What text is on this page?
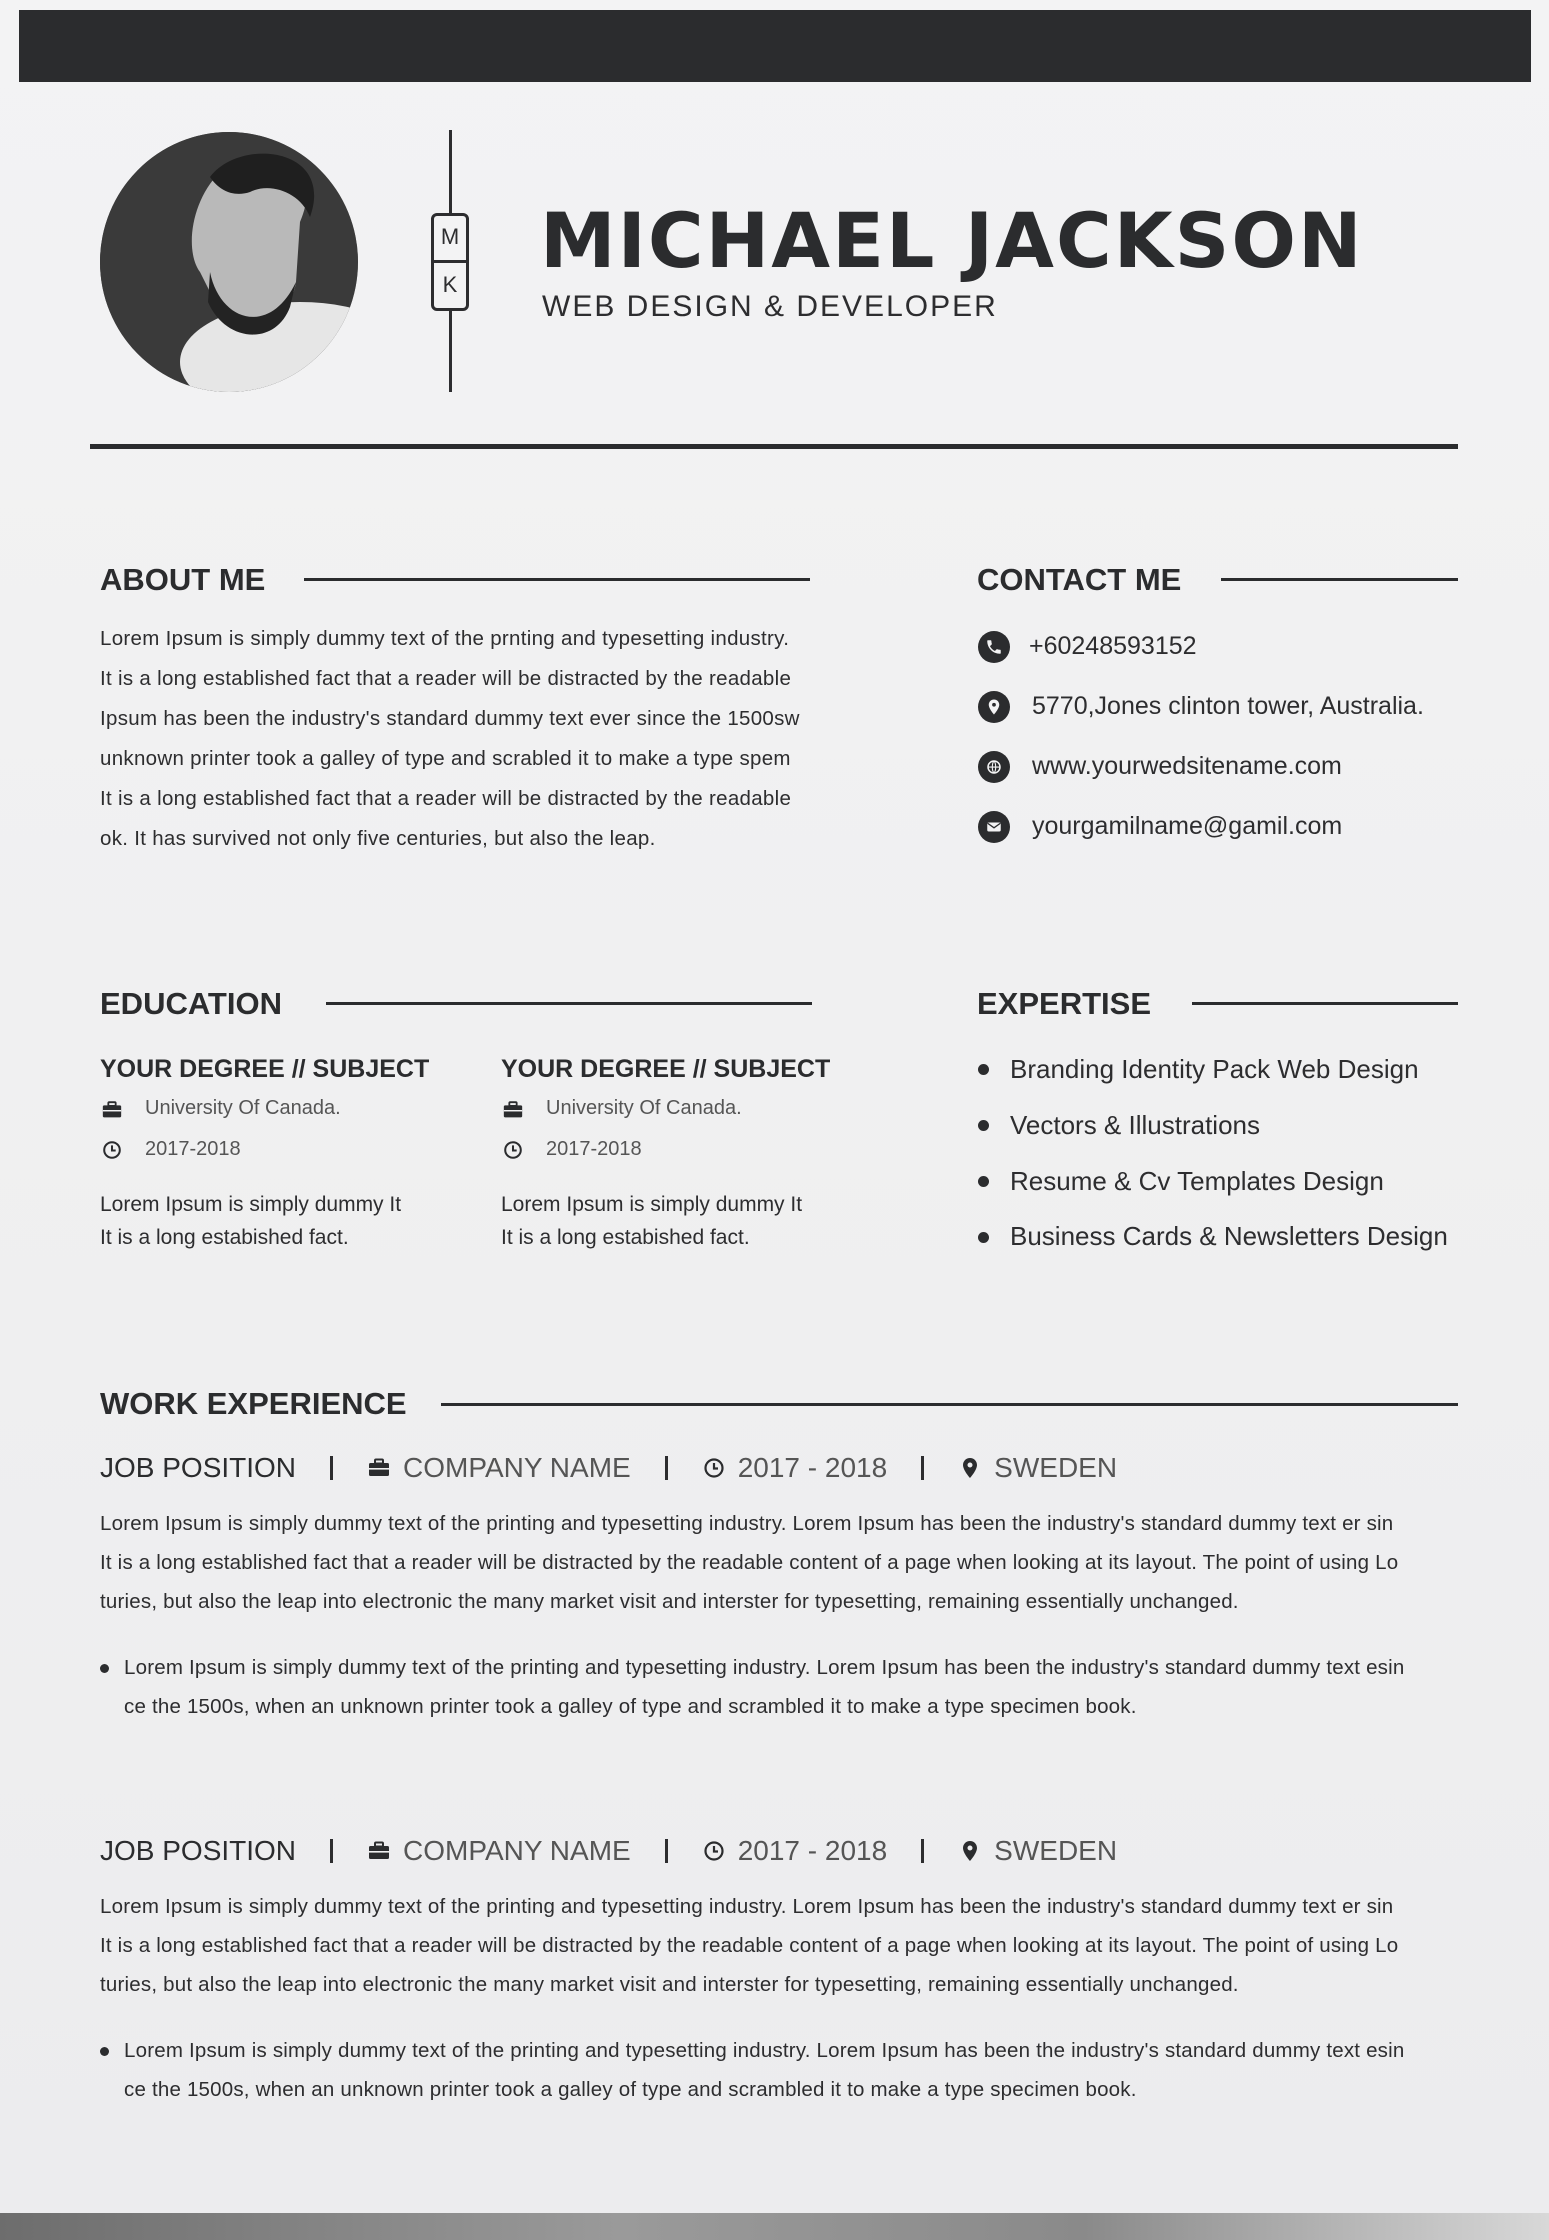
M
K MICHAEL JACKSON
WEB DESIGN & DEVELOPER
ABOUT ME
Lorem Ipsum is simply dummy text of the prnting and typesetting industry.
It is a long established fact that a reader will be distracted by the readable
Ipsum has been the industry's standard dummy text ever since the 1500sw
unknown printer took a galley of type and scrabled it to make a type spem
It is a long established fact that a reader will be distracted by the readable
ok. It has survived not only five centuries, but also the leap.
CONTACT ME
+60248593152
5770,Jones clinton tower, Australia.
www.yourwedsitename.com
yourgamilname@gamil.com
EDUCATION
YOUR DEGREE // SUBJECT
University Of Canada.
2017-2018
Lorem Ipsum is simply dummy It
It is a long estabished fact.
YOUR DEGREE // SUBJECT
University Of Canada.
2017-2018
Lorem Ipsum is simply dummy It
It is a long estabished fact.
EXPERTISE
Branding Identity Pack Web Design
Vectors & Illustrations
Resume & Cv Templates Design
Business Cards & Newsletters Design
WORK EXPERIENCE
JOB POSITION	COMPANY NAME	2017 - 2018	SWEDEN
Lorem Ipsum is simply dummy text of the printing and typesetting industry. Lorem Ipsum has been the industry's standard dummy text er sin
It is a long established fact that a reader will be distracted by the readable content of a page when looking at its layout. The point of using Lo
turies, but also the leap into electronic the many market visit and interster for typesetting, remaining essentially unchanged.
Lorem Ipsum is simply dummy text of the printing and typesetting industry. Lorem Ipsum has been the industry's standard dummy text esin
ce the 1500s, when an unknown printer took a galley of type and scrambled it to make a type specimen book.
JOB POSITION	COMPANY NAME	2017 - 2018	SWEDEN
Lorem Ipsum is simply dummy text of the printing and typesetting industry. Lorem Ipsum has been the industry's standard dummy text er sin
It is a long established fact that a reader will be distracted by the readable content of a page when looking at its layout. The point of using Lo
turies, but also the leap into electronic the many market visit and interster for typesetting, remaining essentially unchanged.
Lorem Ipsum is simply dummy text of the printing and typesetting industry. Lorem Ipsum has been the industry's standard dummy text esin
ce the 1500s, when an unknown printer took a galley of type and scrambled it to make a type specimen book.
